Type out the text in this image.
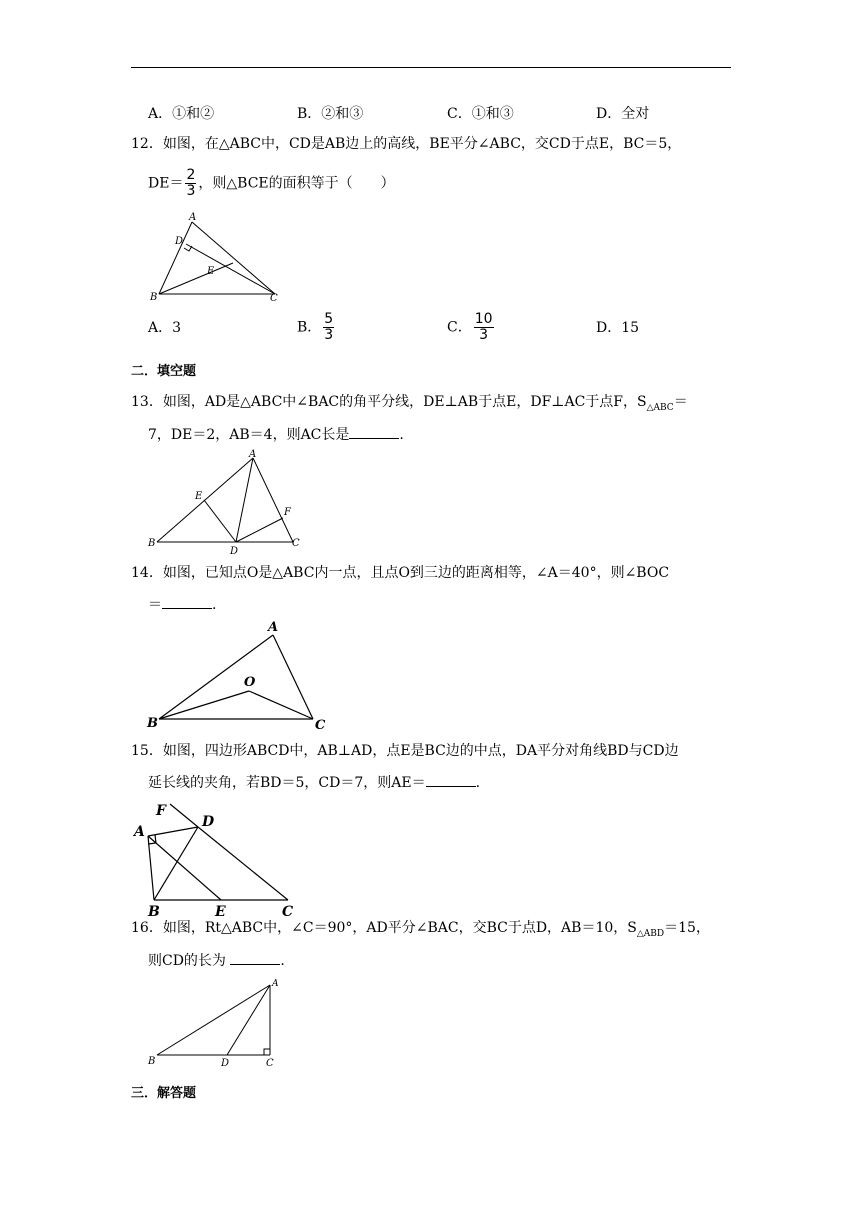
A．①和②	B．②和③	C．①和③	D．全对
12．如图，在△ABC中，CD是AB边上的高线，BE平分∠ABC，交CD于点E，BC＝5，
$DE= \frac{2}{3}$ ，则△BCE的面积等于（　　）
A
D
E
B	C
A．3	B． $\frac{5}{3}$	C． $\frac{10}{3}$	D．15
二．填空题
13．如图，AD是△ABC中∠BAC的角平分线，DE⊥AB于点E，DF⊥AC于点F，$S_{\triangle ABC}=$
7，DE＝2，AB＝4，则AC长是	.
A
E
F
B
D
C
14．如图，已知点O是△ABC内一点，且点O到三边的距离相等，∠A＝40°，则∠BOC
＝	.
A
O
B	C
15．如图，四边形ABCD中，AB⊥AD，点E是BC边的中点，DA平分对角线BD与CD边
延长线的夹角，若BD＝5，CD＝7，则AE＝	.
F
D
A
B	E	C
16．如图，Rt△ABC中，∠C＝90°，AD平分∠BAC，交BC于点D，AB＝10，$S_{\triangle ABD}=15$，
则CD的长为	.
A
B	D	C
三．解答题
